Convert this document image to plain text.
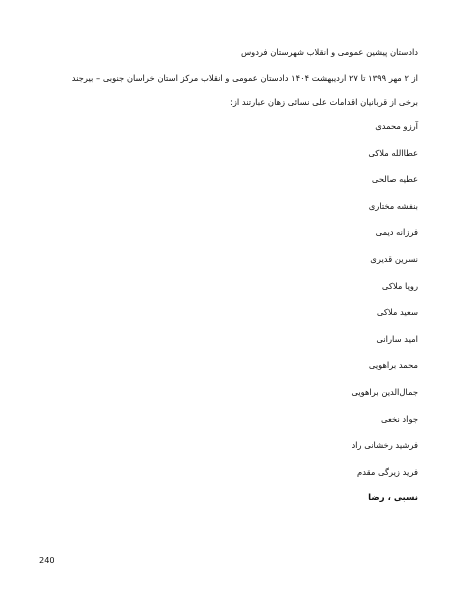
دادستان پیشین عمومی و انقلاب شهرستان فردوس

از ۲ مهر ۱۳۹۹ تا ۲۷ اردیبهشت ۱۴۰۴ دادستان عمومی و انقلاب مرکز استان خراسان جنوبی – بیرجند

برخی از قربانیان اقدامات علی نسائی زهان عبارتند از:

آرزو محمدی
عطاالله ملاکی
عطیه صالحی
بنفشه مختاری
فرزانه دیمی
نسرین قدیری
رویا ملاکی
سعید ملاکی
امید سارانی
محمد براهویی
جمال‌الدین براهویی
جواد نخعی
فرشید رخشانی راد
فرید زیرگی مقدم

نسبی ، رضا

240
